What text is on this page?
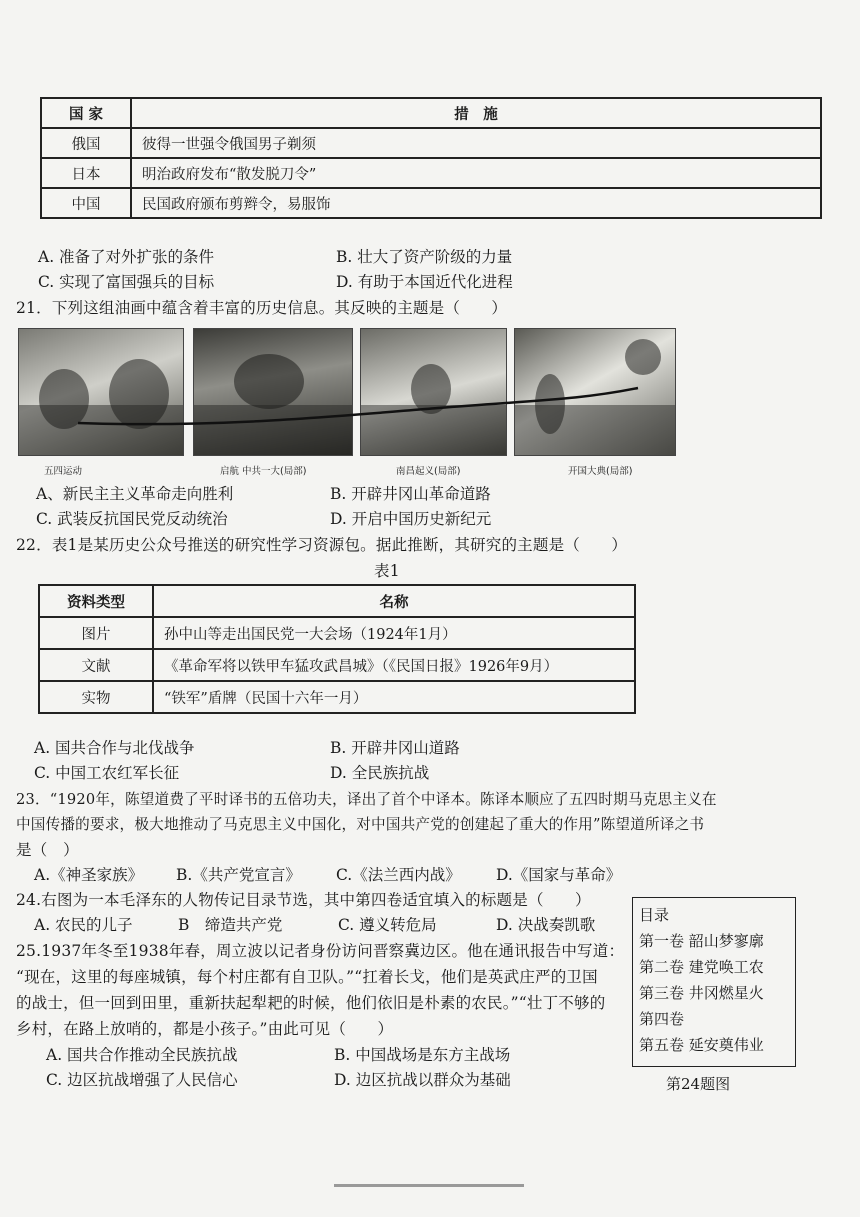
国 家	措　施
俄国	彼得一世强令俄国男子剃须
日本	明治政府发布“散发脱刀令”
中国	民国政府颁布剪辫令，易服饰
A. 准备了对外扩张的条件	B. 壮大了资产阶级的力量
C. 实现了富国强兵的目标	D. 有助于本国近代化进程
21．下列这组油画中蕴含着丰富的历史信息。其反映的主题是（　　）
五四运动	启航 中共一大(局部)	南昌起义(局部)	开国大典(局部)
A、新民主主义革命走向胜利	B. 开辟井冈山革命道路
C. 武装反抗国民党反动统治	D. 开启中国历史新纪元
22．表1是某历史公众号推送的研究性学习资源包。据此推断，其研究的主题是（　　）
表1
资料类型	名称
图片	孙中山等走出国民党一大会场（1924年1月）
文献	《革命军将以铁甲车猛攻武昌城》（《民国日报》1926年9月）
实物	“铁军”盾牌（民国十六年一月）
A. 国共合作与北伐战争	B. 开辟井冈山道路
C. 中国工农红军长征	D. 全民族抗战
23．“1920年，陈望道费了平时译书的五倍功夫，译出了首个中译本。陈译本顺应了五四时期马克思主义在
中国传播的要求，极大地推动了马克思主义中国化，对中国共产党的创建起了重大的作用”陈望道所译之书
是（　）
A.《神圣家族》 B.《共产党宣言》 C.《法兰西内战》 D.《国家与革命》
24.右图为一本毛泽东的人物传记目录节选，其中第四卷适宜填入的标题是（　　）
A. 农民的儿子	B　缔造共产党	C. 遵义转危局	D. 决战奏凯歌
目录
第一卷 韶山梦寥廓
第二卷 建党唤工农
第三卷 井冈燃星火
第四卷
第五卷 延安奠伟业
第24题图
25.1937年冬至1938年春，周立波以记者身份访问晋察冀边区。他在通讯报告中写道：
“现在，这里的每座城镇，每个村庄都有自卫队。”“扛着长戈，他们是英武庄严的卫国
的战士，但一回到田里，重新扶起犁耙的时候，他们依旧是朴素的农民。”“壮丁不够的
乡村，在路上放哨的，都是小孩子。”由此可见（　　）
A. 国共合作推动全民族抗战	B. 中国战场是东方主战场
C. 边区抗战增强了人民信心	D. 边区抗战以群众为基础
